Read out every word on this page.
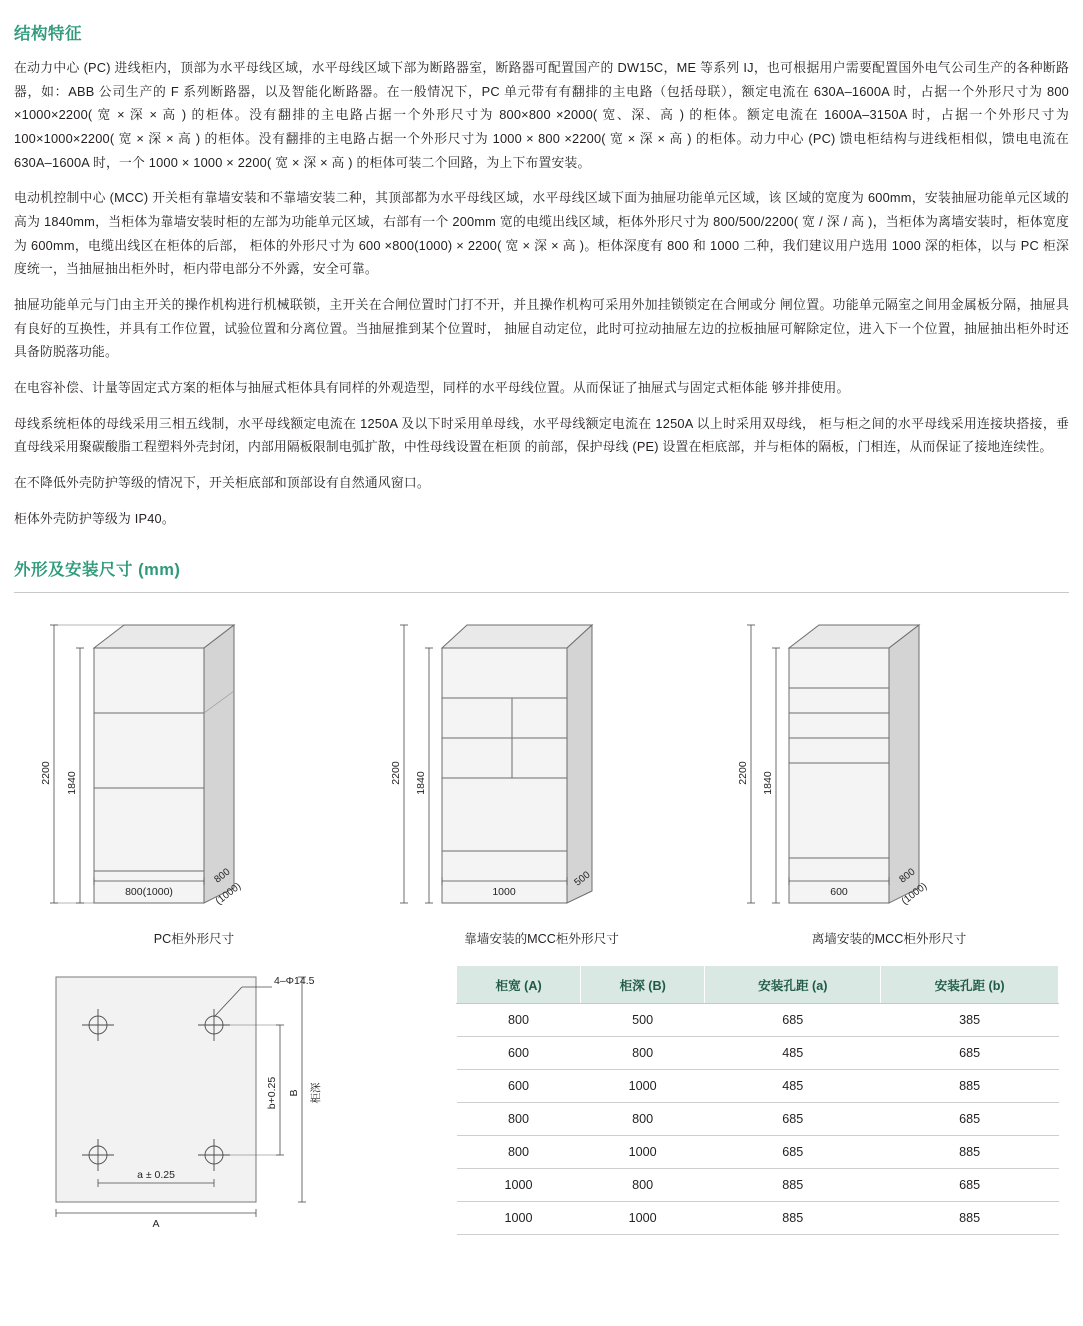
结构特征

在动力中心 (PC) 进线柜内，顶部为水平母线区域，水平母线区域下部为断路器室，断路器可配置国产的 DW15C，ME 等系列 IJ，也可根据用户需要配置国外电气公司生产的各种断路器，如：ABB 公司生产的 F 系列断路器，以及智能化断路器。在一般情况下，PC 单元带有有翻排的主电路（包括母联），额定电流在 630A–1600A 时，占据一个外形尺寸为 800 ×1000×2200( 宽 × 深 × 高 ) 的柜体。没有翻排的主电路占据一个外形尺寸为 800×800 ×2000( 宽、深、高 ) 的柜体。额定电流在 1600A–3150A 时，占据一个外形尺寸为 100×1000×2200( 宽 × 深 × 高 ) 的柜体。没有翻排的主电路占据一个外形尺寸为 1000 × 800 ×2200( 宽 × 深 × 高 ) 的柜体。动力中心 (PC) 馈电柜结构与进线柜相似，馈电电流在 630A–1600A 时，一个 1000 × 1000 × 2200( 宽 × 深 × 高 ) 的柜体可装二个回路，为上下布置安装。

电动机控制中心 (MCC) 开关柜有靠墙安装和不靠墙安装二种，其顶部都为水平母线区域，水平母线区域下面为抽屉功能单元区域，该 区域的宽度为 600mm，安装抽屉功能单元区域的高为 1840mm，当柜体为靠墙安装时柜的左部为功能单元区域，右部有一个 200mm 宽的电缆出线区域，柜体外形尺寸为 800/500/2200( 宽 / 深 / 高 )，当柜体为离墙安装时，柜体宽度为 600mm，电缆出线区在柜体的后部， 柜体的外形尺寸为 600 ×800(1000) × 2200( 宽 × 深 × 高 )。柜体深度有 800 和 1000 二种，我们建议用户选用 1000 深的柜体，以与 PC 柜深度统一，当抽屉抽出柜外时，柜内带电部分不外露，安全可靠。

抽屉功能单元与门由主开关的操作机构进行机械联锁，主开关在合闸位置时门打不开，并且操作机构可采用外加挂锁锁定在合闸或分 闸位置。功能单元隔室之间用金属板分隔，抽屉具有良好的互换性，并具有工作位置，试验位置和分离位置。当抽屉推到某个位置时， 抽屉自动定位，此时可拉动抽屉左边的拉板抽屉可解除定位，进入下一个位置，抽屉抽出柜外时还具备防脱落功能。

在电容补偿、计量等固定式方案的柜体与抽屉式柜体具有同样的外观造型，同样的水平母线位置。从而保证了抽屉式与固定式柜体能 够并排使用。

母线系统柜体的母线采用三相五线制，水平母线额定电流在 1250A 及以下时采用单母线，水平母线额定电流在 1250A 以上时采用双母线， 柜与柜之间的水平母线采用连接块搭接，垂直母线采用聚碳酸脂工程塑料外壳封闭，内部用隔板限制电弧扩散，中性母线设置在柜顶 的前部，保护母线 (PE) 设置在柜底部，并与柜体的隔板，门相连，从而保证了接地连续性。

在不降低外壳防护等级的情况下，开关柜底部和顶部设有自然通风窗口。

柜体外壳防护等级为 IP40。

外形及安装尺寸 (mm)
2200 1840
800(1000)
800
(1000)
PC柜外形尺寸
2200 1840
1000
500
靠墙安装的MCC柜外形尺寸
2200 1840
600
800
(1000)
离墙安装的MCC柜外形尺寸
4–Φ14.5
b+0.25 B 柜深
a ± 0.25
A
柜宽 (A)	柜深 (B)	安装孔距 (a)	安装孔距 (b)
800	500	685	385
600	800	485	685
600	1000	485	885
800	800	685	685
800	1000	685	885
1000	800	885	685
1000	1000	885	885
